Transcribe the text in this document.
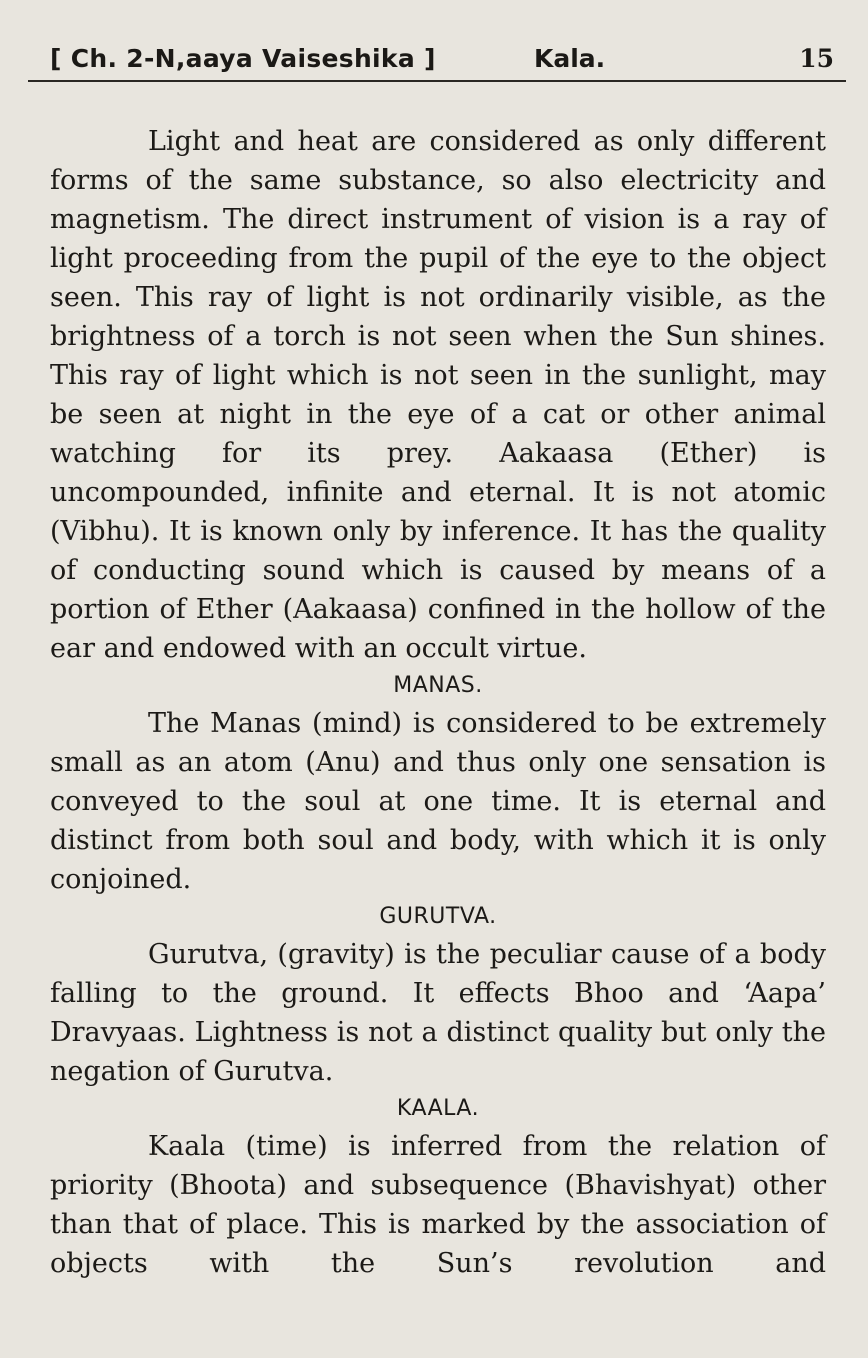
[ Ch. 2-N,aaya Vaiseshika ]	Kala.	15

Light and heat are considered as only different forms of the same substance, so also electricity and magnetism. The direct instrument of vision is a ray of light proceeding from the pupil of the eye to the object seen. This ray of light is not ordinarily visible, as the brightness of a torch is not seen when the Sun shines. This ray of light which is not seen in the sunlight, may be seen at night in the eye of a cat or other animal watching for its prey. Aakaasa (Ether) is uncompounded, infinite and eternal. It is not atomic (Vibhu). It is known only by inference. It has the quality of conducting sound which is caused by means of a portion of Ether (Aakaasa) confined in the hollow of the ear and endowed with an occult virtue.

MANAS.

The Manas (mind) is considered to be extremely small as an atom (Anu) and thus only one sensation is conveyed to the soul at one time. It is eternal and distinct from both soul and body, with which it is only conjoined.

GURUTVA.

Gurutva, (gravity) is the peculiar cause of a body falling to the ground. It effects Bhoo and ‘Aapa’ Dravyaas. Lightness is not a distinct quality but only the negation of Gurutva.

KAALA.

Kaala (time) is inferred from the relation of priority (Bhoota) and subsequence (Bhavishyat) other than that of place. This is marked by the association of objects with the Sun’s revolution and
